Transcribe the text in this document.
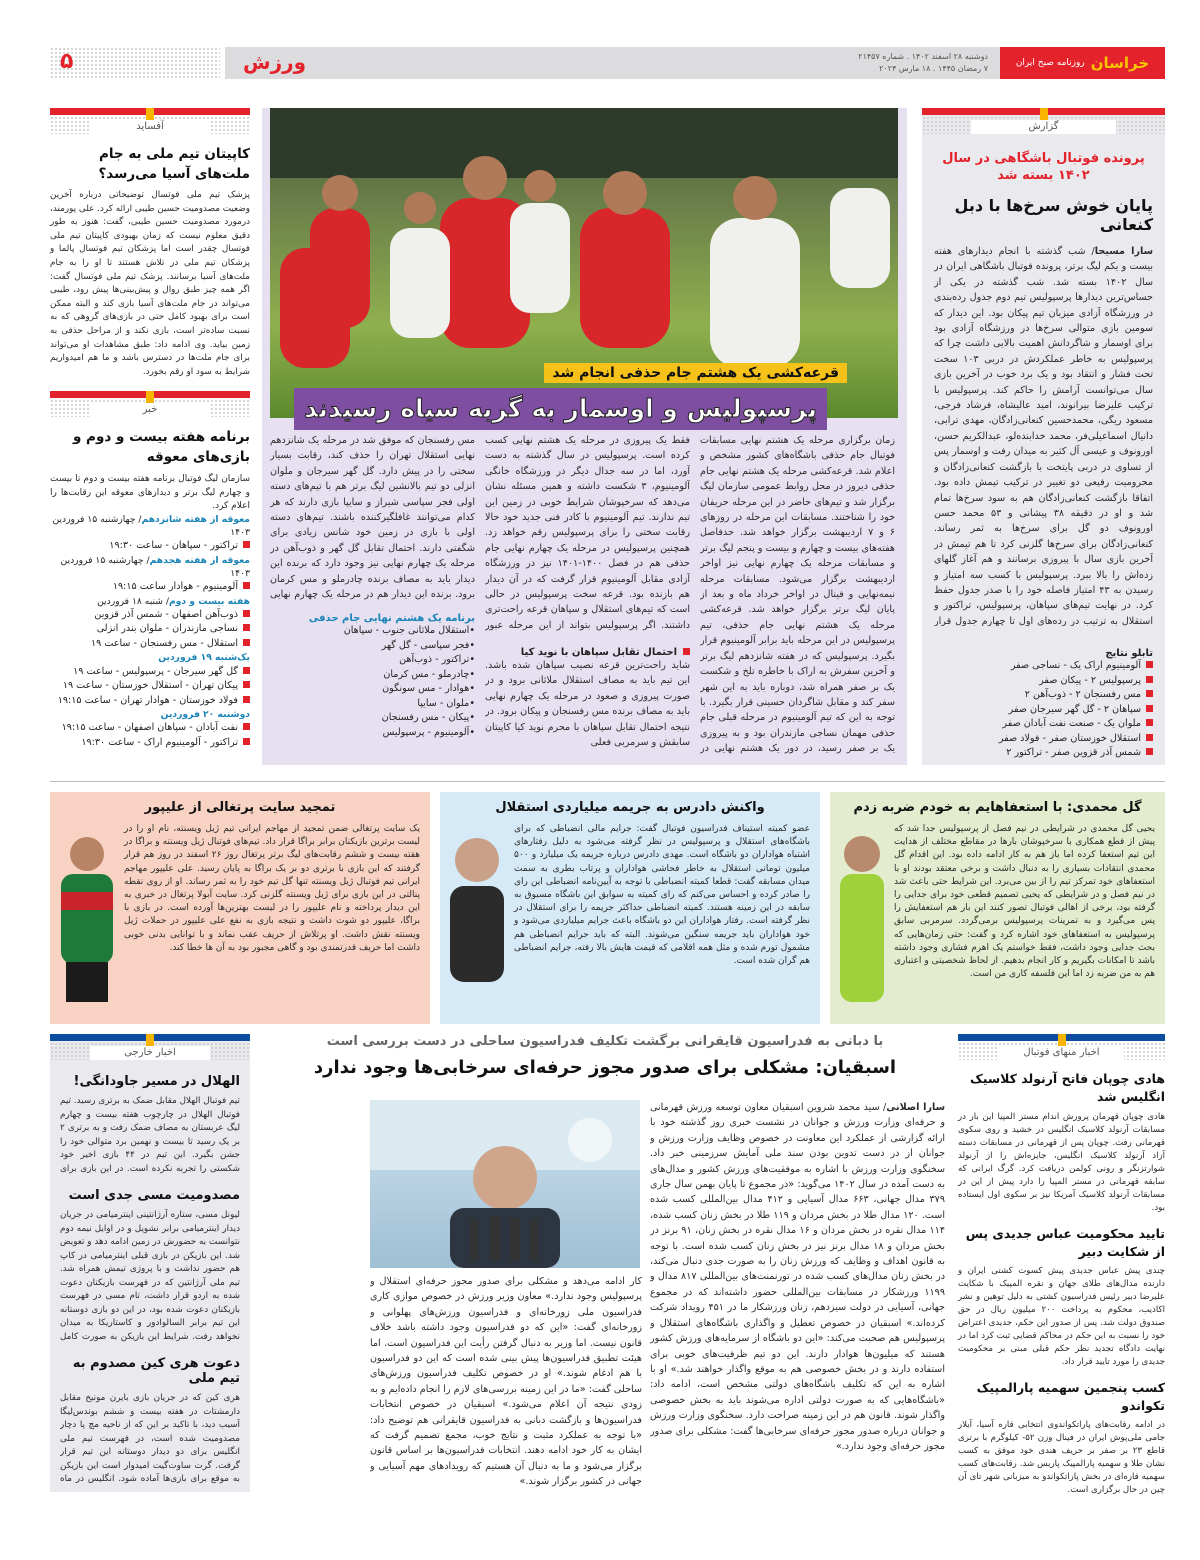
خراسان
روزنامه صبح ایران
دوشنبه ۲۸ اسفند ۱۴۰۲ . شماره ۲۱۴۵۷
۷ رمضان ۱۴۴۵ . ۱۸ مارس ۲۰۲۴
ورزش
۵
گزارش
پرونده فوتبال باشگاهی در سال ۱۴۰۲ بسته شد
پایان خوش سرخ‌ها با دبل کنعانی
سارا مسیحا/ شب گذشته با انجام دیدارهای هفته بیست و یکم لیگ برتر، پرونده فوتبال باشگاهی ایران در سال ۱۴۰۲ بسته شد. شب گذشته در یکی از حساس‌ترین دیدارها پرسپولیس تیم دوم جدول رده‌بندی در ورزشگاه آزادی میزبان تیم پیکان بود. این دیدار که سومین بازی متوالی سرخ‌ها در ورزشگاه آزادی بود برای اوسمار و شاگردانش اهمیت بالایی داشت چرا که پرسپولیس به خاطر عملکردش در دربی ۱۰۳ سخت تحت فشار و انتقاد بود و یک برد خوب در آخرین بازی سال می‌توانست آرامش را حاکم کند. پرسپولیس با ترکیب علیرضا بیرانوند، امید عالیشاه، فرشاد فرجی، مسعود ریگی، محمدحسین کنعانی‌زادگان، مهدی ترابی، دانیال اسماعیلی‌فر، محمد خدابنده‌لو، عبدالکریم حسن، اورونوف و عیسی آل کثیر به میدان رفت و اوسمار پس از تساوی در دربی پایتخت با بازگشت کنعانی‌زادگان و محرومیت رفیعی دو تغییر در ترکیب تیمش داده بود. اتفاقا بازگشت کنعانی‌زادگان هم به سود سرخ‌ها تمام شد و او در دقیقه ۳۸ پیشانی و ۵۳ محمد حسن اورونوف دو گل برای سرخ‌ها به ثمر رساند. کنعانی‌زادگان برای سرخ‌ها گلزنی کرد تا هم تیمش در آخرین بازی سال با پیروزی برسانند و هم آغاز گلهای زده‌اش را بالا ببرد. پرسپولیس با کسب سه امتیاز و رسیدن به ۴۳ امتیاز فاصله خود را با صدر جدول حفظ کرد. در نهایت تیم‌های سپاهان، پرسپولیس، تراکتور و استقلال به ترتیب در رده‌های اول تا چهارم جدول قرار
تابلو نتایج
آلومینیوم اراک یک - نساجی صفر
پرسپولیس ۲ - پیکان صفر
مس رفسنجان ۲ - ذوب‌آهن ۲
سپاهان ۲ - گل گهر سیرجان صفر
ملوان یک - صنعت نفت آبادان صفر
استقلال خوزستان صفر - فولاد صفر
شمس آذر قزوین صفر - تراکتور ۲
قرعه‌کشی یک هشتم جام حذفی انجام شد
پرسپولیس و اوسمار به گربه سیاه رسیدند
زمان برگزاری مرحله یک هشتم نهایی مسابقات فوتبال جام حذفی باشگاه‌های کشور مشخص و اعلام شد. قرعه‌کشی مرحله یک هشتم نهایی جام حذفی دیروز در محل روابط عمومی سازمان لیگ برگزار شد و تیم‌های حاضر در این مرحله حریفان خود را شناختند. مسابقات این مرحله در روزهای ۶ و ۷ اردیبهشت برگزار خواهد شد. حدفاصل هفته‌های بیست و چهارم و بیست و پنجم لیگ برتر و مسابقات مرحله یک چهارم نهایی نیز اواخر اردیبهشت برگزار می‌شود. مسابقات مرحله نیمه‌نهایی و فینال در اواخر خرداد ماه و بعد از پایان لیگ برتر برگزار خواهد شد. قرعه‌کشی مرحله یک هشتم نهایی جام حذفی، تیم پرسپولیس در این مرحله باید برابر آلومینیوم قرار بگیرد. پرسپولیس که در هفته شانزدهم لیگ برتر و آخرین سفرش به اراک با خاطره تلخ و شکست یک بر صفر همراه شد، دوباره باید به این شهر سفر کند و مقابل شاگردان حسینی قرار بگیرد. با توجه به این که تیم آلومینیوم در مرحله قبلی جام حذفی مهمان نساجی مازندران بود و به پیروزی یک بر صفر رسید، در دور یک هشتم نهایی در
فقط یک پیروزی در مرحله یک هشتم نهایی کسب کرده است. پرسپولیس در سال گذشته به دست آورد، اما در سه جدال دیگر در ورزشگاه خانگی آلومینیوم، ۳ شکست داشته و همین مسئله نشان می‌دهد که سرخپوشان شرایط خوبی در زمین این تیم ندارند. تیم آلومینیوم با کادر فنی جدید خود حالا رقابت سختی را برای پرسپولیس رقم خواهد زد. همچنین پرسپولیس در مرحله یک چهارم نهایی جام حذفی هم در فصل ۱۴۰۰-۱۴۰۱ نیز در ورزشگاه آزادی مقابل آلومینیوم قرار گرفت که در آن دیدار هم بازنده بود. قرعه سخت پرسپولیس در حالی است که تیم‌های استقلال و سپاهان قرعه راحت‌تری داشتند. اگر پرسپولیس بتواند از این مرحله عبور
احتمال تقابل سپاهان با نوید کیا
شاید راحت‌ترین قرعه نصیب سپاهان شده باشد. این تیم باید به مصاف استقلال ملاثانی برود و در صورت پیروزی و صعود در مرحله یک چهارم نهایی باید به مصاف برنده مس رفسنجان و پیکان برود. در نتیجه احتمال تقابل سپاهان با محرم نوید کیا کاپیتان سابقش و سرمربی فعلی
مس رفسنجان که موفق شد در مرحله یک شانزدهم نهایی استقلال تهران را حذف کند، رقابت بسیار سختی را در پیش دارد. گل گهر سیرجان و ملوان انزلی دو تیم بالانشین لیگ برتر هم با تیم‌های دسته اولی فجر سپاسی شیراز و سایپا بازی دارند که هر کدام می‌توانند غافلگیرکننده باشند. تیم‌های دسته اولی با بازی در زمین خود شانس زیادی برای شگفتی دارند. احتمال تقابل گل گهر و ذوب‌آهن در مرحله یک چهارم نهایی نیز وجود دارد که برنده این دیدار باید به مصاف برنده چادرملو و مس کرمان برود. برنده این دیدار هم در مرحله یک چهارم نهایی
برنامه یک هشتم نهایی جام حذفی
•استقلال ملاثانی جنوب - سپاهان
•فجر سپاسی - گل گهر
•تراکتور - ذوب‌آهن
•چادرملو - مس کرمان
•هوادار - مس سونگون
•ملوان - سایپا
•پیکان - مس رفسنجان
•آلومینیوم - پرسپولیس
آفساید
کاپیتان تیم ملی به جام ملت‌های آسیا می‌رسد؟
پزشک تیم ملی فوتسال توضیحاتی درباره آخرین وضعیت مصدومیت حسین طیبی ارائه کرد. علی پورمند، درمورد مصدومیت حسین طیبی، گفت: هنوز به طور دقیق معلوم نیست که زمان بهبودی کاپیتان تیم ملی فوتسال چقدر است اما پزشکان تیم فوتسال پالما و پزشکان تیم ملی در تلاش هستند تا او را به جام ملت‌های آسیا برسانند. پزشک تیم ملی فوتسال گفت: اگر همه چیز طبق روال و پیش‌بینی‌ها پیش رود، طیبی می‌تواند در جام ملت‌های آسیا بازی کند و البته ممکن است برای بهبود کامل حتی در بازی‌های گروهی که به نسبت ساده‌تر است، بازی نکند و از مراحل حذفی به زمین بیاید. وی ادامه داد: طبق مشاهدات او می‌تواند برای جام ملت‌ها در دسترس باشد و ما هم امیدواریم شرایط به سود او رقم بخورد.
خبر
برنامه هفته بیست و دوم و بازی‌های معوقه
سازمان لیگ فوتبال برنامه هفته بیست و دوم تا بیست و چهارم لیگ برتر و دیدارهای معوقه این رقابت‌ها را اعلام کرد.
معوقه از هفته شانزدهم/ چهارشنبه ۱۵ فروردین ۱۴۰۳
تراکتور - سپاهان - ساعت ۱۹:۳۰
معوقه از هفته هجدهم/ چهارشنبه ۱۵ فروردین ۱۴۰۳
آلومینیوم - هوادار ساعت ۱۹:۱۵
هفته بیست و دوم/ شنبه ۱۸ فروردین
ذوب‌آهن اصفهان - شمس آذر قزوین
نساجی مازندران - ملوان بندر انزلی
استقلال - مس رفسنجان - ساعت ۱۹
یک‌شنبه ۱۹ فروردین
گل گهر سیرجان - پرسپولیس - ساعت ۱۹
پیکان تهران - استقلال خوزستان - ساعت ۱۹
فولاد خوزستان - هوادار تهران - ساعت ۱۹:۱۵
دوشنبه ۲۰ فروردین
نفت آبادان - سپاهان اصفهان - ساعت ۱۹:۱۵
تراکتور - آلومینیوم اراک - ساعت ۱۹:۳۰
گل محمدی: با استعفاهایم به خودم ضربه زدم
یحیی گل محمدی در شرایطی در نیم فصل از پرسپولیس جدا شد که پیش از قطع همکاری با سرخپوشان بارها در مقاطع مختلف از هدایت این تیم استعفا کرده اما باز هم به کار ادامه داده بود. این اقدام گل محمدی انتقادات بسیاری را به دنبال داشت و برخی معتقد بودند او با استعفاهای خود تمرکز تیم را از بین می‌برد. این شرایط حتی باعث شد در نیم فصل و در شرایطی که یحیی تصمیم قطعی خود برای جدایی را گرفته بود، برخی از اهالی فوتبال تصور کنند این بار هم استعفایش را پس می‌گیرد و به تمرینات پرسپولیس برمی‌گردد. سرمربی سابق پرسپولیس به استعفاهای خود اشاره کرد و گفت: حتی زمان‌هایی که بحث جدایی وجود داشت، فقط خواستم یک اهرم فشاری وجود داشته باشد تا امکانات بگیریم و کار انجام بدهیم. از لحاظ شخصیتی و اعتباری هم به من ضربه زد اما این فلسفه کاری من است.
واکنش دادرس به جریمه میلیاردی استقلال
عضو کمیته استیناف فدراسیون فوتبال گفت: جرایم مالی انضباطی که برای باشگاه‌های استقلال و پرسپولیس در نظر گرفته می‌شود به دلیل رفتارهای اشتباه هواداران دو باشگاه است. مهدی دادرس درباره جریمه یک میلیارد و ۵۰۰ میلیون تومانی استقلال به خاطر فحاشی هواداران و پرتاب بطری به سمت میدان مسابقه گفت: قطعا کمیته انضباطی با توجه به آیین‌نامه انضباطی این رای را صادر کرده و احساس می‌کنم که رای کمیته به سوابق این باشگاه مسبوق به سابقه در این زمینه هستند. کمیته انضباطی حداکثر جریمه را برای استقلال در نظر گرفته است. رفتار هواداران این دو باشگاه باعث جرایم میلیاردی می‌شود و خود هواداران باید جریمه سنگین می‌شوند. البته که باید جرایم انضباطی هم مشمول تورم شده و مثل همه اقلامی که قیمت هایش بالا رفته، جرایم انضباطی هم گران شده است.
تمجید سایت پرتغالی از علیپور
یک سایت پرتغالی ضمن تمجید از مهاجم ایرانی تیم ژیل ویسنته، نام او را در لیست برترین بازیکنان برابر براگا قرار داد. تیم‌های فوتبال ژیل ویسنته و براگا در هفته بیست و ششم رقابت‌های لیگ برتر پرتغال روز ۲۶ اسفند در روز هم قرار گرفتند که این بازی با برتری دو بر یک براگا به پایان رسید. علی علیپور مهاجم ایرانی تیم فوتبال ژیل ویسنته تنها گل تیم خود را به ثمر رساند. او از روی نقطه پنالتی در این بازی برای ژیل ویسنته گلزنی کرد. سایت آبولا پرتغال در خبری به این دیدار پرداخته و نام علیپور را در لیست بهترین‌ها آورده است. در بازی با براگا، علیپور دو شوت داشت و نتیجه بازی به نفع علی علیپور در حملات ژیل ویسنته نقش داشت. او پرتلاش از حریف عقب نماند و با توانایی بدنی خوبی داشت اما حریف قدرتمندی بود و گاهی مجبور بود به آن ها خطا کند.
اخبار خارجی
الهلال در مسیر جاودانگی!
تیم فوتبال الهلال مقابل ضمک به برتری رسید. تیم فوتبال الهلال در چارچوب هفته بیست و چهارم لیگ عربستان به مصاف ضمک رفت و به برتری ۲ بر یک رسید تا بیست و نهمین برد متوالی خود را جشن بگیرد. این تیم در ۴۴ بازی اخیر خود شکستی را تجربه نکرده است. در این بازی برای
مصدومیت مسی جدی است
لیونل مسی، ستاره آرژانتینی اینترمیامی در جریان دیدار اینترمیامی برابر نشویل و در اوایل نیمه دوم نتوانست به حضورش در زمین ادامه دهد و تعویض شد. این بازیکن در بازی قبلی اینترمیامی در کاپ هم حضور نداشت و با پروژی تیمش همراه شد. تیم ملی آرژانتین که در فهرست بازیکنان دعوت شده به اردو قرار داشت، تام مسی در فهرست بازیکنان دعوت شده بود، در این دو بازی دوستانه این تیم برابر السالوادور و کاستاریکا به میدان نخواهد رفت. شرایط این بازیکن به صورت کامل
دعوت هری کین مصدوم به تیم ملی
هری کین که در جریان بازی بایرن مونیخ مقابل دارمشتات در هفته بیست و ششم بوندس‌لیگا آسیب دید، با تاکید بر این که از ناحیه مچ پا دچار مصدومیت شده است، در فهرست تیم ملی انگلیس برای دو دیدار دوستانه این تیم قرار گرفت. گرت ساوت‌گیت امیدوار است این بازیکن به موقع برای بازی‌ها آماده شود. انگلیس در ماه
با دبانی به فدراسیون قایقرانی برگشت تکلیف فدراسیون ساحلی در دست بررسی است
اسبقیان: مشکلی برای صدور مجوز حرفه‌ای سرخابی‌ها وجود ندارد
سارا اصلانی/ سید محمد شروین اسبقیان معاون توسعه ورزش قهرمانی و حرفه‌ای وزارت ورزش و جوانان در نشست خبری روز گذشته خود با ارائه گزارشی از عملکرد این معاونت در خصوص وظایف وزارت ورزش و جوانان از در دست تدوین بودن سند ملی آمایش سرزمینی خبر داد. سخنگوی وزارت ورزش با اشاره به موفقیت‌های ورزش کشور و مدال‌های به دست آمده در سال ۱۴۰۲ می‌گوید: «در مجموع تا پایان بهمن سال جاری ۳۷۹ مدال جهانی، ۶۶۳ مدال آسیایی و ۴۱۲ مدال بین‌المللی کسب شده است. ۱۲۰ مدال طلا در بخش مردان و ۱۱۹ طلا در بخش زنان کسب شده، ۱۱۴ مدال نقره در بخش مردان و ۱۶ مدال نقره در بخش زنان، ۹۱ برنز در بخش مردان و ۱۸ مدال برنز نیز در بخش زنان کسب شده است. با توجه به قانون اهداف و وظایف که ورزش زنان را به صورت جدی دنبال می‌کند، در بخش زنان مدال‌های کسب شده در تورنمنت‌های بین‌المللی ۸۱۷ مدال و ۱۱۹۹ ورزشکار در مسابقات بین‌المللی حضور داشته‌اند که در مجموع جهانی، آسیایی در دولت سیزدهم، زنان ورزشکار ما در ۴۵۱ رویداد شرکت کرده‌اند.» اسبقیان در خصوص تعطیل و واگذاری باشگاه‌های استقلال و پرسپولیس هم صحبت می‌کند: «این دو باشگاه از سرمایه‌های ورزش کشور هستند که میلیون‌ها هوادار دارند. این دو تیم ظرفیت‌های خوبی برای استفاده دارند و در بخش خصوصی هم به موقع واگذار خواهند شد.» او با اشاره به این که تکلیف باشگاه‌های دولتی مشخص است، ادامه داد: «باشگاه‌هایی که به صورت دولتی اداره می‌شوند باید به بخش خصوصی واگذار شوند. قانون هم در این زمینه صراحت دارد. سخنگوی وزارت ورزش و جوانان درباره صدور مجوز حرفه‌ای سرخابی‌ها گفت: مشکلی برای صدور مجوز حرفه‌ای وجود ندارد.»
کار ادامه می‌دهد و مشکلی برای صدور مجوز حرفه‌ای استقلال و پرسپولیس وجود ندارد.» معاون وزیر ورزش در خصوص موازی کاری فدراسیون ملی زورخانه‌ای و فدراسیون ورزش‌های پهلوانی و زورخانه‌ای گفت: «این که دو فدراسیون وجود داشته باشد خلاف قانون نیست. اما وزیر به دنبال گرفتن رأیت این فدراسیون است. اما هیئت تطبیق فدراسیون‌ها پیش بینی شده است که این دو فدراسیون با هم ادغام شوند.» او در خصوص تکلیف فدراسیون ورزش‌های ساحلی گفت: «ما در این زمینه بررسی‌های لازم را انجام داده‌ایم و به زودی نتیجه آن اعلام می‌شود.» اسبقیان در خصوص انتخابات فدراسیون‌ها و بازگشت دبانی به فدراسیون قایقرانی هم توضیح داد: «با توجه به عملکرد مثبت و نتایج خوب، مجمع تصمیم گرفت که ایشان به کار خود ادامه دهند. انتخابات فدراسیون‌ها بر اساس قانون برگزار می‌شود و ما به دنبال آن هستیم که رویدادهای مهم آسیایی و جهانی در کشور برگزار شوند.»
اخبار منهای فوتبال
هادی چوپان فاتح آرنولد کلاسیک انگلیس شد
هادی چوپان قهرمان پرورش اندام مستر المپیا این بار در مسابقات آرنولد کلاسیک انگلیس در خشید و روی سکوی قهرمانی رفت. چوپان پس از قهرمانی در مسابقات دسته آزاد آرنولد کلاسیک انگلیس، جایزه‌اش را از آرنولد شوارتزنگر و رونی کولمن دریافت کرد. گرگ ایرانی که سابقه قهرمانی در مستر المپیا را دارد پیش از این در مسابقات آرنولد کلاسیک آمریکا نیز بر سکوی اول ایستاده بود.
تایید محکومیت عباس جدیدی پس از شکایت دبیر
چندی پیش عباس جدیدی پیش کسوت کشتی ایران و دارنده مدال‌های طلای جهان و نقره المپیک با شکایت علیرضا دبیر رئیس فدراسیون کشتی به دلیل توهین و نشر اکاذیب، محکوم به پرداخت ۲۰۰ میلیون ریال در حق صندوق دولت شد. پس از صدور این حکم، جدیدی اعتراض خود را نسبت به این حکم در محاکم قضایی ثبت کرد اما در نهایت دادگاه تجدید نظر حکم قبلی مبنی بر محکومیت جدیدی را مورد تایید قرار داد.
کسب پنجمین سهمیه پارالمپیک تکواندو
در ادامه رقابت‌های پاراتکواندوی انتخابی قاره آسیا، آیلار جامی ملی‌پوش ایران در فینال وزن ۵۲- کیلوگرم با برتری قاطع ۲۳ بر صفر بر حریف هندی خود موفق به کسب نشان طلا و سهمیه پارالمپیک پاریس شد. رقابت‌های کسب سهمیه قاره‌ای در بخش پاراتکواندو به میزبانی شهر تای آن چین در حال برگزاری است.
